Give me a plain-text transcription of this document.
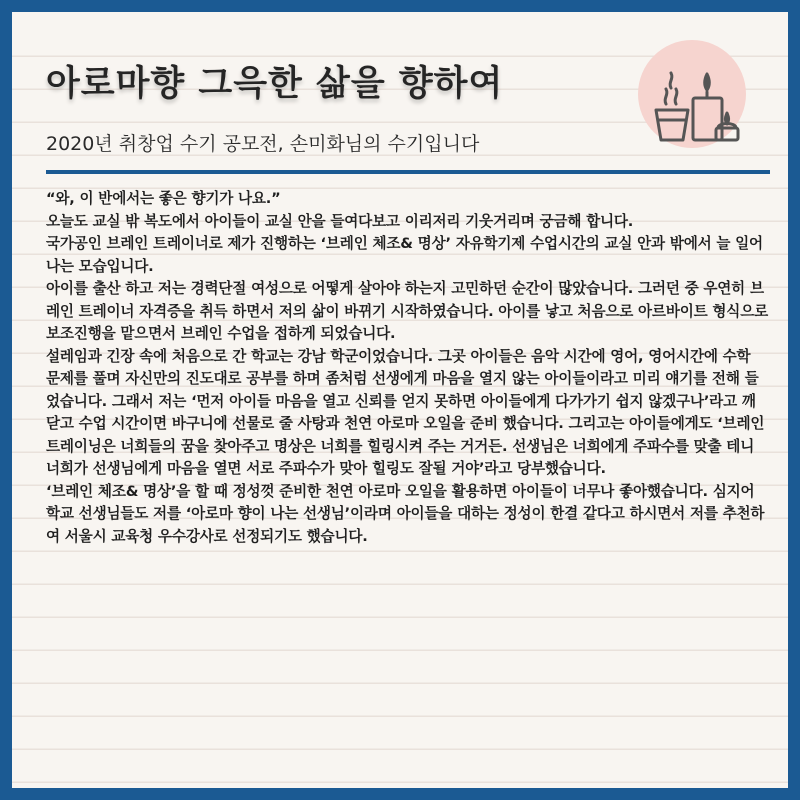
아로마향 그윽한 삶을 향하여
2020년 취창업 수기 공모전, 손미화님의 수기입니다

“와, 이 반에서는 좋은 향기가 나요.”

오늘도 교실 밖 복도에서 아이들이 교실 안을 들여다보고 이리저리 기웃거리며 궁금해 합니다.

국가공인 브레인 트레이너로 제가 진행하는 ‘브레인 체조& 명상’ 자유학기제 수업시간의 교실 안과 밖에서 늘 일어나는 모습입니다.

아이를 출산 하고 저는 경력단절 여성으로 어떻게 살아야 하는지 고민하던 순간이 많았습니다. 그러던 중 우연히 브레인 트레이너 자격증을 취득 하면서 저의 삶이 바뀌기 시작하였습니다. 아이를 낳고 처음으로 아르바이트 형식으로 보조진행을 맡으면서 브레인 수업을 접하게 되었습니다.

설레임과 긴장 속에 처음으로 간 학교는 강남 학군이었습니다. 그곳 아이들은 음악 시간에 영어, 영어시간에 수학 문제를 풀며 자신만의 진도대로 공부를 하며 좀처럼 선생에게 마음을 열지 않는 아이들이라고 미리 얘기를 전해 들었습니다. 그래서 저는 ‘먼저 아이들 마음을 열고 신뢰를 얻지 못하면 아이들에게 다가가기 쉽지 않겠구나’라고 깨닫고 수업 시간이면 바구니에 선물로 줄 사탕과 천연 아로마 오일을 준비 했습니다. 그리고는 아이들에게도 ‘브레인 트레이닝은 너희들의 꿈을 찾아주고 명상은 너희를 힐링시켜 주는 거거든. 선생님은 너희에게 주파수를 맞출 테니 너희가 선생님에게 마음을 열면 서로 주파수가 맞아 힐링도 잘될 거야’라고 당부했습니다.

‘브레인 체조& 명상’을 할 때 정성껏 준비한 천연 아로마 오일을 활용하면 아이들이 너무나 좋아했습니다. 심지어 학교 선생님들도 저를 ‘아로마 향이 나는 선생님’이라며 아이들을 대하는 정성이 한결 같다고 하시면서 저를 추천하여 서울시 교육청 우수강사로 선정되기도 했습니다.
